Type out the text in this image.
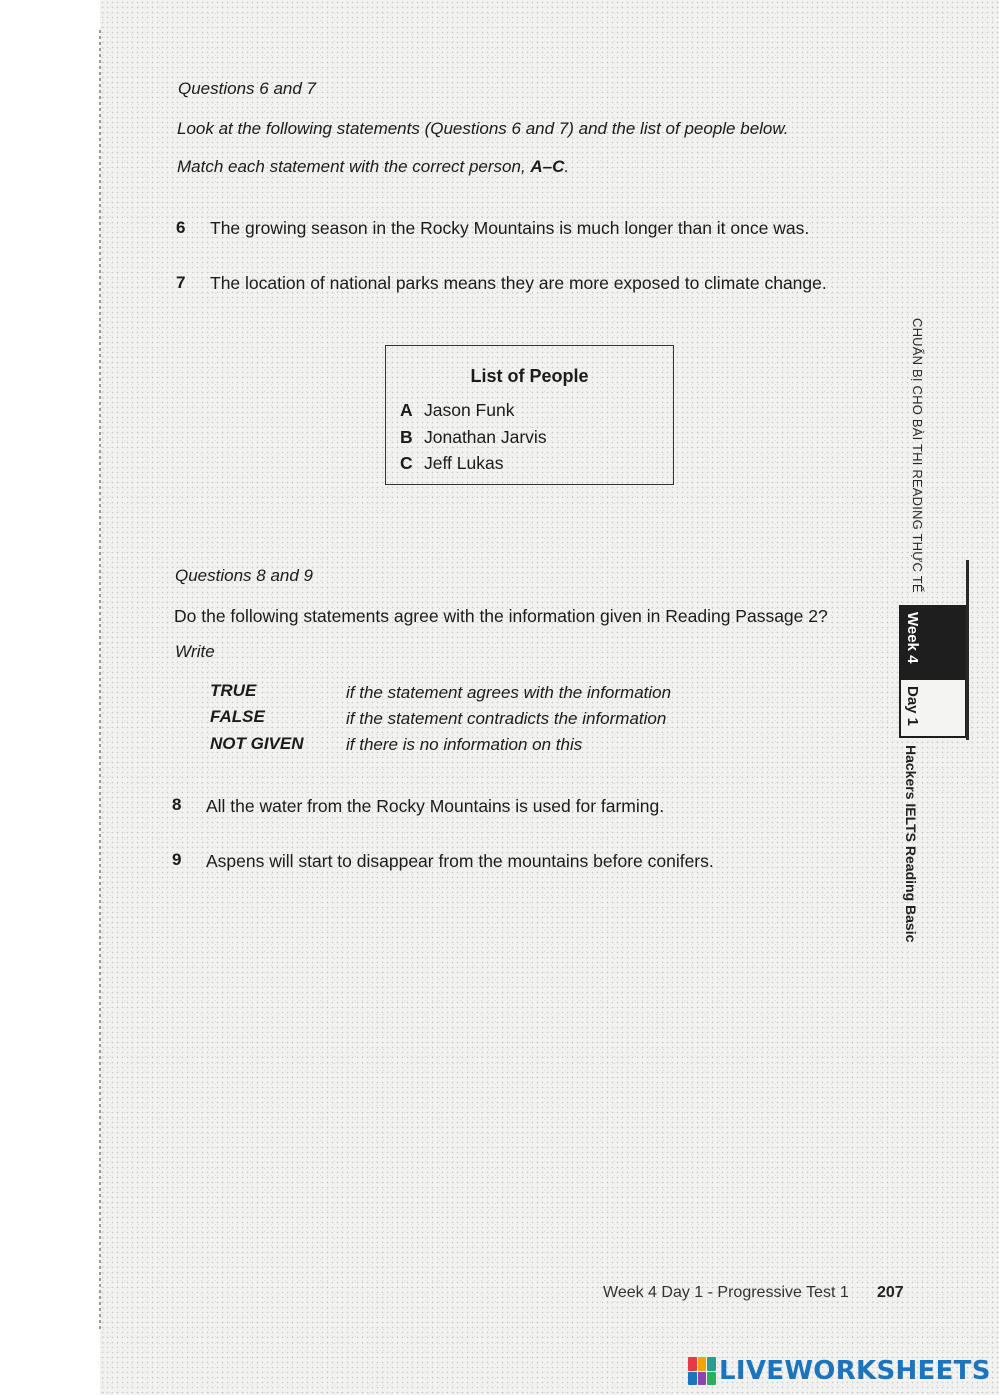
Questions 6 and 7
Look at the following statements (Questions 6 and 7) and the list of people below.
Match each statement with the correct person, A–C.
6 The growing season in the Rocky Mountains is much longer than it once was.
7 The location of national parks means they are more exposed to climate change.
List of People
A Jason Funk
B Jonathan Jarvis
C Jeff Lukas
Questions 8 and 9
Do the following statements agree with the information given in Reading Passage 2?
Write
TRUE	if the statement agrees with the information
FALSE	if the statement contradicts the information
NOT GIVEN if there is no information on this
8 All the water from the Rocky Mountains is used for farming.
9 Aspens will start to disappear from the mountains before conifers.
CHUẨN BỊ CHO BÀI THI READING THỰC TẾ
Week 4
Day 1
Hackers IELTS Reading Basic
Week 4 Day 1 - Progressive Test 1 207
LIVEWORKSHEETS
